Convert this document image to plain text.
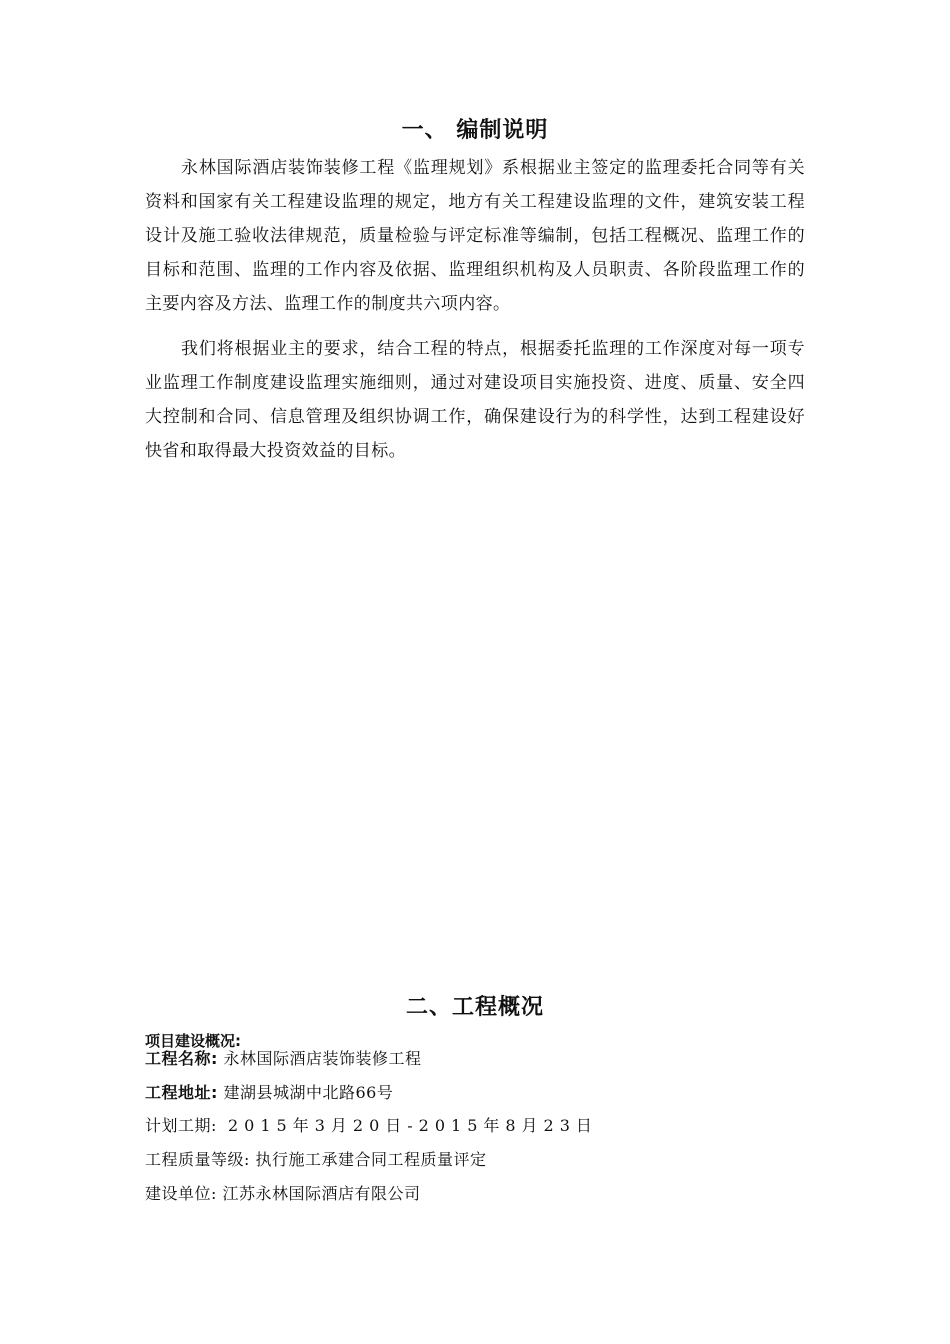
一、 编制说明

永林国际酒店装饰装修工程《监理规划》系根据业主签定的监理委托合同等有关资料和国家有关工程建设监理的规定，地方有关工程建设监理的文件，建筑安装工程设计及施工验收法律规范，质量检验与评定标准等编制，包括工程概况、监理工作的目标和范围、监理的工作内容及依据、监理组织机构及人员职责、各阶段监理工作的主要内容及方法、监理工作的制度共六项内容。

我们将根据业主的要求，结合工程的特点，根据委托监理的工作深度对每一项专业监理工作制度建设监理实施细则，通过对建设项目实施投资、进度、质量、安全四大控制和合同、信息管理及组织协调工作，确保建设行为的科学性，达到工程建设好快省和取得最大投资效益的目标。

二、工程概况

项目建设概况:

工程名称: 永林国际酒店装饰装修工程
工程地址: 建湖县城湖中北路66号
计划工期: 2015年3月20日-2015年8月23日
工程质量等级: 执行施工承建合同工程质量评定
建设单位: 江苏永林国际酒店有限公司
